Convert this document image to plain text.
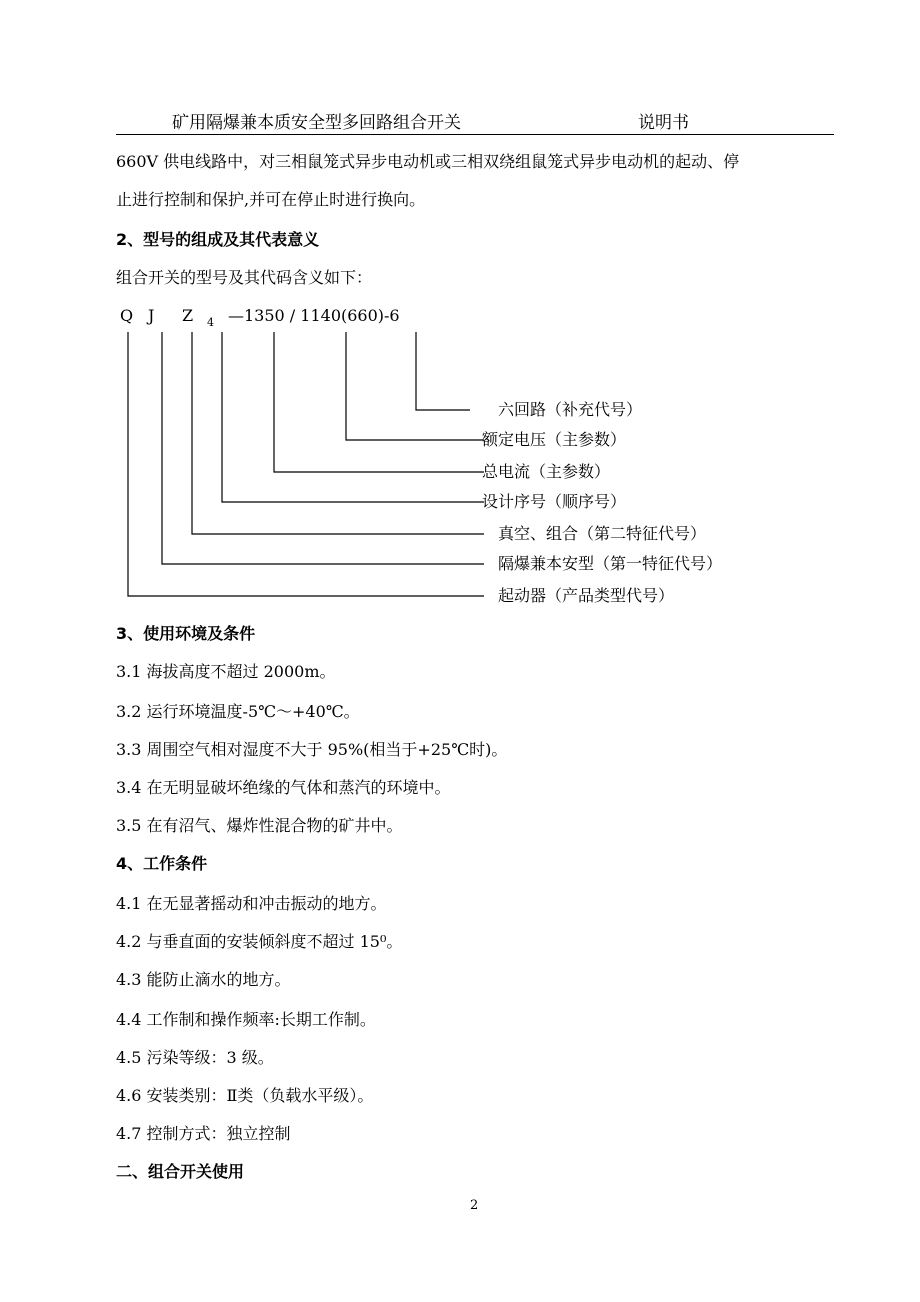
矿用隔爆兼本质安全型多回路组合开关	说明书
660V 供电线路中，对三相鼠笼式异步电动机或三相双绕组鼠笼式异步电动机的起动、停
止进行控制和保护,并可在停止时进行换向。
2、型号的组成及其代表意义
组合开关的型号及其代码含义如下：
Q J Z 4 —1350 / 1140(660)-6
六回路（补充代号）
额定电压（主参数）
总电流（主参数）
设计序号（顺序号）
真空、组合（第二特征代号）
隔爆兼本安型（第一特征代号）
起动器（产品类型代号）
3、使用环境及条件
3.1 海拔高度不超过 2000m。
3.2 运行环境温度-5℃～+40℃。
3.3 周围空气相对湿度不大于 95%(相当于+25℃时)。
3.4 在无明显破坏绝缘的气体和蒸汽的环境中。
3.5 在有沼气、爆炸性混合物的矿井中。
4、工作条件
4.1 在无显著摇动和冲击振动的地方。
4.2 与垂直面的安装倾斜度不超过 15⁰。
4.3 能防止滴水的地方。
4.4 工作制和操作频率:长期工作制。
4.5 污染等级：3 级。
4.6 安装类别：Ⅱ类（负载水平级）。
4.7 控制方式：独立控制
二、组合开关使用
2
